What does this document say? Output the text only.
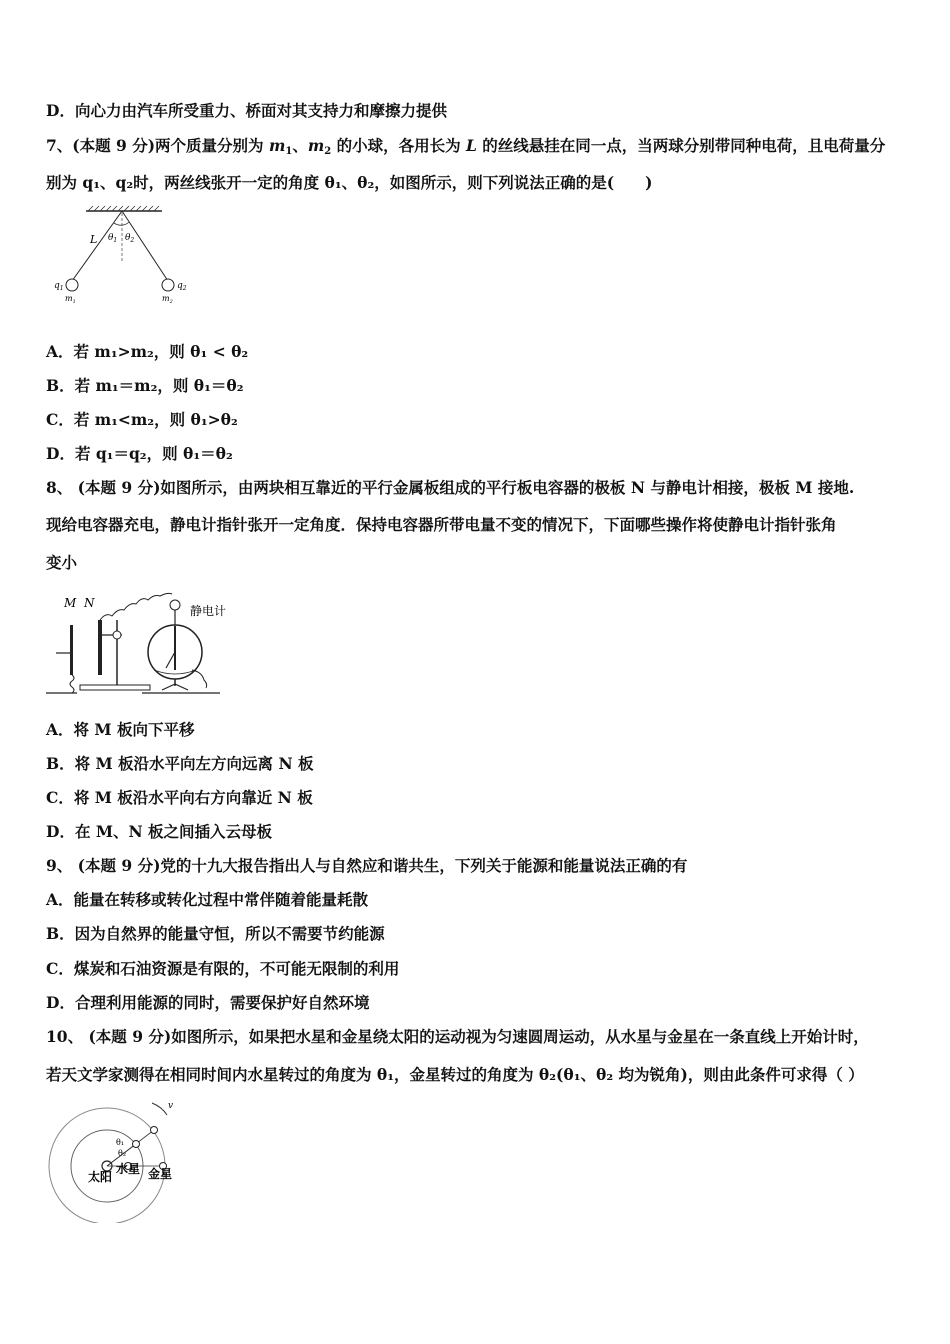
D．向心力由汽车所受重力、桥面对其支持力和摩擦力提供
7、(本题 9 分)两个质量分别为 $m_1$、$m_2$ 的小球，各用长为 L 的丝线悬挂在同一点，当两球分别带同种电荷，且电荷量分
别为 q₁、q₂时，两丝线张开一定的角度 θ₁、θ₂，如图所示，则下列说法正确的是(　　)
L $\theta_1$ $\theta_2$
$q_1$	$q_2$
$m_1$	$m_2$
A．若 m₁>m₂，则 θ₁ < θ₂
B．若 m₁＝m₂，则 θ₁＝θ₂
C．若 m₁<m₂，则 θ₁>θ₂
D．若 q₁＝q₂，则 θ₁＝θ₂
8、 (本题 9 分)如图所示，由两块相互靠近的平行金属板组成的平行板电容器的极板 N 与静电计相接，极板 M 接地.
现给电容器充电，静电计指针张开一定角度．保持电容器所带电量不变的情况下，下面哪些操作将使静电计指针张角
变小
M N
静电计
A．将 M 板向下平移
B．将 M 板沿水平向左方向远离 N 板
C．将 M 板沿水平向右方向靠近 N 板
D．在 M、N 板之间插入云母板
9、 (本题 9 分)党的十九大报告指出人与自然应和谐共生，下列关于能源和能量说法正确的有
A．能量在转移或转化过程中常伴随着能量耗散
B．因为自然界的能量守恒，所以不需要节约能源
C．煤炭和石油资源是有限的，不可能无限制的利用
D．合理利用能源的同时，需要保护好自然环境
10、 (本题 9 分)如图所示，如果把水星和金星绕太阳的运动视为匀速圆周运动，从水星与金星在一条直线上开始计时，
若天文学家测得在相同时间内水星转过的角度为 θ₁，金星转过的角度为 θ₂(θ₁、θ₂ 均为锐角)，则由此条件可求得（ ）
v
θ₁
θ₂
太阳
水星 金星
